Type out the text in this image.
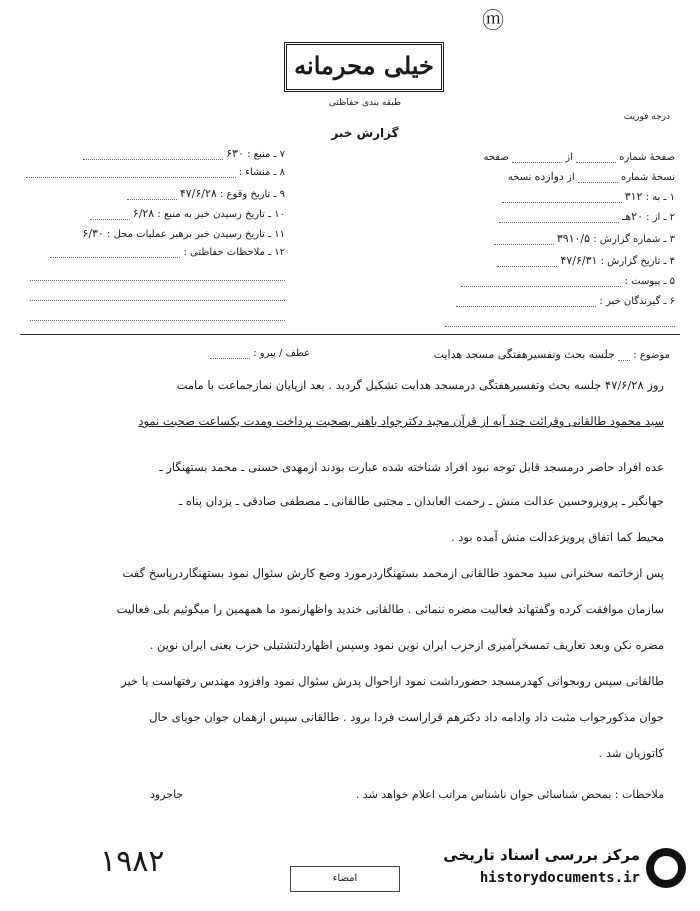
ⓜ
خیلی محرمانه
طبقه بندی حفاظتی
درجه فوریت
گزارش خبر
صفحهٔ شماره  از  صفحه
نسخهٔ شماره  از دوازده نسخه
۱ ـ به : ۳۱۲
۲ ـ از : ۲۰هـ
۳ ـ شماره گزارش : ۳۹۱۰/۵
۴ ـ تاریخ گزارش : ۴۷/۶/۳۱
۵ ـ پیوست :
۶ ـ گیرندگان خبر :
۷ ـ منبع : ۶۳۰
۸ ـ منشاء :
۹ ـ تاریخ وقوع : ۴۷/۶/۲۸
۱۰ ـ تاریخ رسیدن خبر به منبع : ۶/۲۸
۱۱ ـ تاریخ رسیدن خبر برهبر عملیات محل : ۶/۳۰
۱۲ ـ ملاحظات حفاظتی :
موضوع :  جلسه بحث وتفسیرهفتگی مسجد هدایت
عطف / پیرو :
روز ۴۷/۶/۲۸ جلسه بحث وتفسیرهفتگی درمسجد هدایت تشکیل گردید . بعد ازپایان نمازجماعت با مامت
سید محمود طالقانی وقرائت چند آیه از قرآن مجید دکترجواد باهنر بصحبت پرداخت ومدت یکساعت صحبت نمود
عده افراد حاضر درمسجد قابل توجه نبود افراد شناخته شده عبارت بودند ازمهدی حسنی ـ محمد بستهنگار ـ
جهانگیر ـ پرویزوحسین عدالت منش ـ رحمت العابدان ـ مجتبی طالقانی ـ مصطفی صادقی ـ یزدان پناه ـ
محیط کما اتفاق پرویزعدالت منش آمده بود .
پس ازخاتمه سخنرانی سید محمود طالقانی ازمحمد بستهنگاردرمورد وضع کارش سئوال نمود بستهنگاردرپاسخ گفت
سازمان موافقت کرده وگفتهاند فعالیت مضره ننمائی . طالقانی خندید واظهارنمود ما همهمین را میگوئیم بلی فعالیت
مضره نکن وبعد تعاریف تمسخرآمیزی ازحزب ایران نوین نمود وسپس اظهاردلتشتیلی حزب یعنی ایران نوین .
طالقانی سپس روبجوانی کهدرمسجد حضورداشت نمود ازاحوال پدرش سئوال نمود وافزود مهندس رفتهاست یا خیر
جوان مذکورجواب مثبت داد وادامه داد دکترهم قراراست فردا برود . طالقانی سپس ازهمان جوان جویای حال
کاتوزیان شد .
ملاحظات : بمحض شناسائی جوان ناشناس مراتب اعلام خواهد شد .
جاجرود
۱۹۸۲	امضاء
مرکز بررسی اسناد تاریخی
historydocuments.ir
